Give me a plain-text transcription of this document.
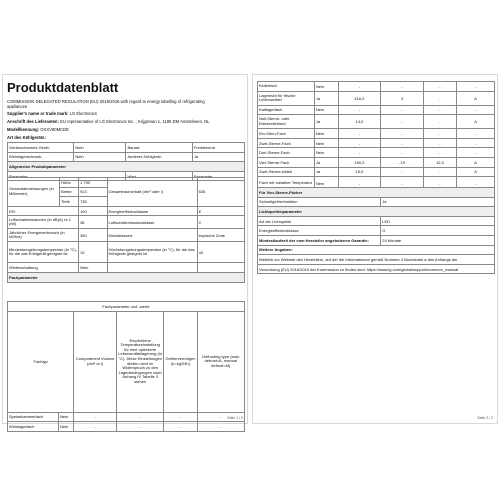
Produktdatenblatt
COMMISSION DELEGATED REGULATION (EU) 2019/2016 with regard to energy labelling of refrigerating
appliances
Supplier's name or trade mark: LG Electronics
Anschrift des Lieferanten: EU representative of LG Electronics Inc. , Krijgsman 1, 1186 DM Amstelveen, NL
Modellkennung: GSXV90MCDE
Art des Kühlgeräts:
Geräuscharmes Gerät:	Nein	Bauart:	Freistehend
Weinlagerschrank:	Nein	Anderes Kühlgerät:	Ja
Allgemeine Produktparameter			
Parameter		Wert	Parameter
Gesamtabmessungen (in Millimeter)	Höhe	1 790	Gesamtrauminhalt (dm³ oder l)	635
	Breite	913		
	Tiefe	735		
EEI		100	Energieeffizienzklasse	E
Luftschallemissionen (in dB(A) re 1 pW)		36	Luftschallemissionsklasse	C
Jährlicher Energieverbrauch (in kWh/a)		350	Klimaklassen:	tropische Zone
Mindestumgebungstemperatur (in °C), für die das Kühlgerät geeignet ist		10	Höchstumgebungstemperatur (in °C), für die das Kühlgerät geeignet ist	43
Winterschaltung		Nein		
Fachparameter				
Fachparameter und -werte					
Fachtyp		Compartment Volume (dm³ or l)	Empfohlene Temperatureinstellung für eine optimierte Lebensmittellagerung (in °C). Diese Einstellungen dürfen nicht im Widerspruch zu den Lagerbedingungen nach Anhang IV Tabelle 3 stehen	Gefriervermögen (in kg/24h)	Defrosting type (auto defrost=A, manual defrost=M)
Speisekammerfach	Nein	-	-	-	-
Weinlagerfach	Nein	-	-	-	-
Seite 1 / 2
Kellerfach	Nein	-	-	-	-
Lagerfach für frische Lebensmittel	Ja	416,0	3	-	A
Kaltlagerfach	Nein	-	-	-	-
Null-Sterne- oder Eisbereiterfach	Ja	14,0	-	-	A
Ein-Stern-Fach	Nein	-	-	-	-
Zwei-Sterne-Fach	Nein	-	-	-	-
Drei-Sterne-Fach	Nein	-	-	-	-
Vier-Sterne-Fach	Ja	190,0	-19	12,0	A
Zwei-Sterne-Abteil	Ja	15,0	-	-	A
Fach mit variabler Temperatur	Nein	-	-	-	-
Für Vier-Sterne-Fächer	
Schnellgefrierfunktion	Ja
Lichtquellenparameter	
Art der Lichtquelle	LED
Energieeffizienzklasse	G
Mindestlaufzeit der vom Hersteller angebotenen Garantie:	24 Monate
Weitere Angaben:	
Weblink zur Website des Herstellers, auf der die Informationen gemäß Nummer 4 Buchstabe a des Anhangs der	
Verordnung (EU) 2016/2019 der Kommission zu finden sind: https://www.lg.com/global/support/common_manual	
Seite 2 / 2
